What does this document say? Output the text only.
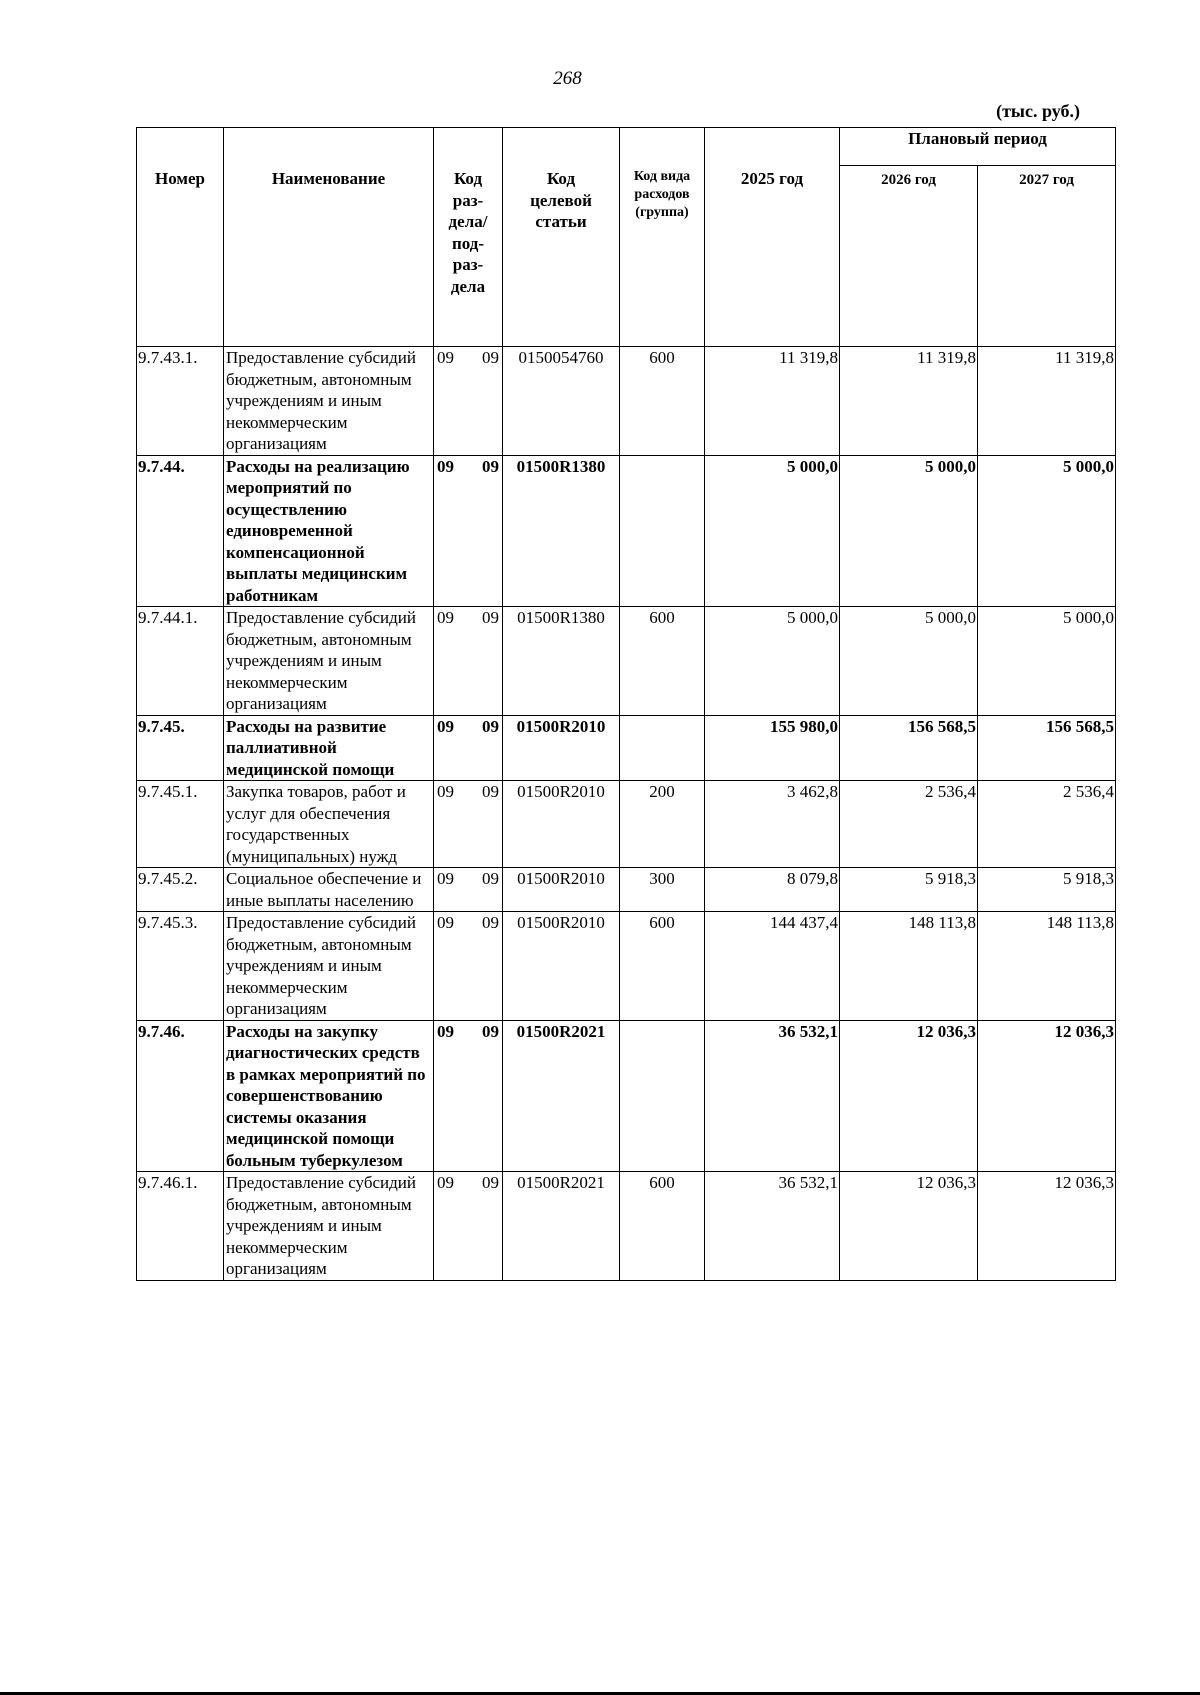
268
(тыс. руб.)
Номер	Наименование	Код раз- дела/ под- раз- дела	Код целевой статьи	Код вида расходов (группа)	2025 год	Плановый период	
						2026 год	2027 год
9.7.43.1.	Предоставление субсидий бюджетным, автономным учреждениям и иным некоммерческим организациям	09 09	0150054760	600	11 319,8	11 319,8	11 319,8
9.7.44.	Расходы на реализацию мероприятий по осуществлению единовременной компенсационной выплаты медицинским работникам	09 09	01500R1380		5 000,0	5 000,0	5 000,0
9.7.44.1.	Предоставление субсидий бюджетным, автономным учреждениям и иным некоммерческим организациям	09 09	01500R1380	600	5 000,0	5 000,0	5 000,0
9.7.45.	Расходы на развитие паллиативной медицинской помощи	09 09	01500R2010		155 980,0	156 568,5	156 568,5
9.7.45.1.	Закупка товаров, работ и услуг для обеспечения государственных (муниципальных) нужд	09 09	01500R2010	200	3 462,8	2 536,4	2 536,4
9.7.45.2.	Социальное обеспечение и иные выплаты населению	09 09	01500R2010	300	8 079,8	5 918,3	5 918,3
9.7.45.3.	Предоставление субсидий бюджетным, автономным учреждениям и иным некоммерческим организациям	09 09	01500R2010	600	144 437,4	148 113,8	148 113,8
9.7.46.	Расходы на закупку диагностических средств в рамках мероприятий по совершенствованию системы оказания медицинской помощи больным туберкулезом	09 09	01500R2021		36 532,1	12 036,3	12 036,3
9.7.46.1.	Предоставление субсидий бюджетным, автономным учреждениям и иным некоммерческим организациям	09 09	01500R2021	600	36 532,1	12 036,3	12 036,3
